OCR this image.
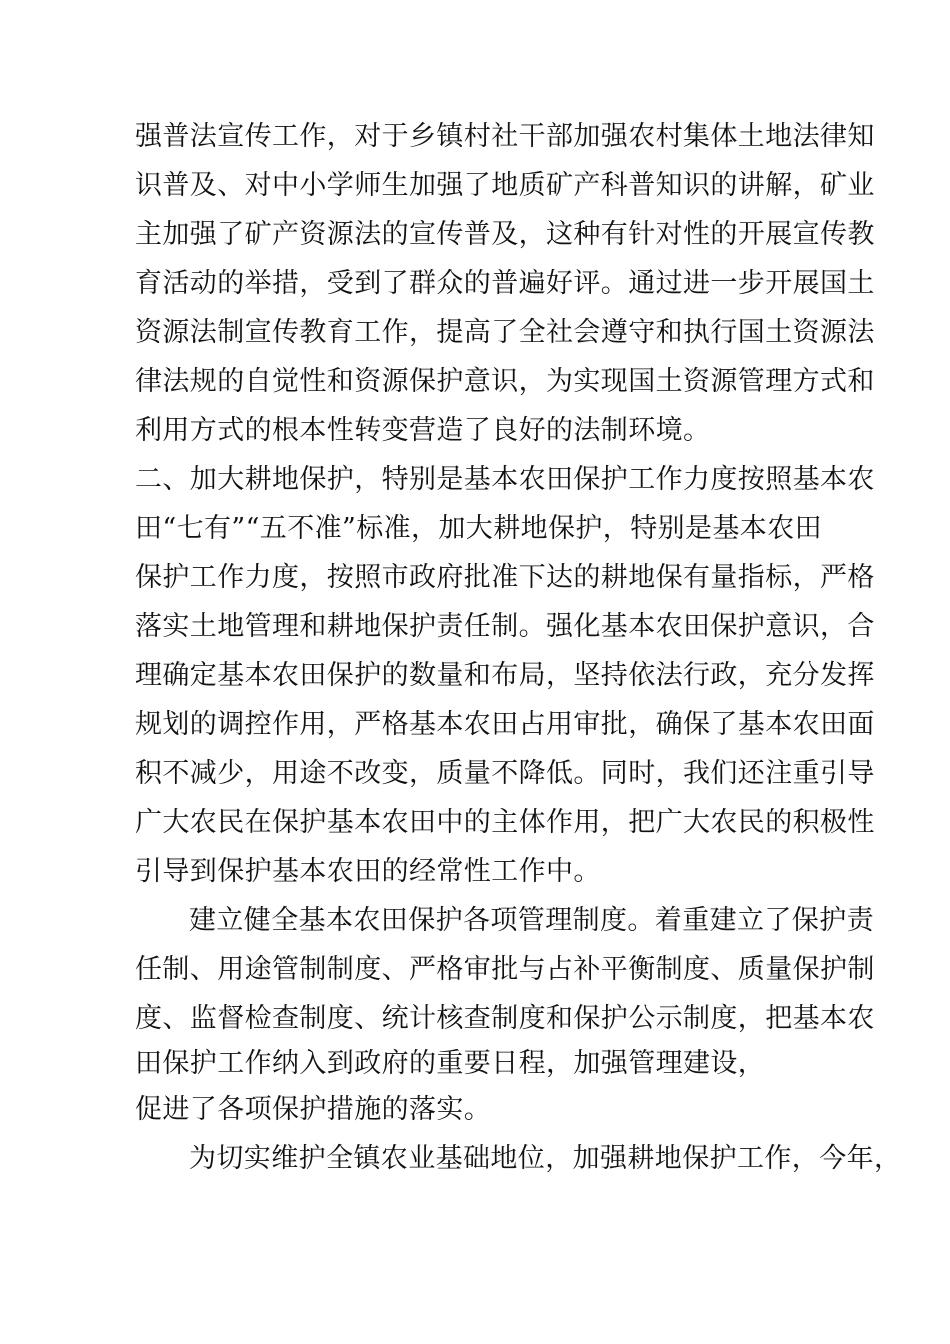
强普法宣传工作，对于乡镇村社干部加强农村集体土地法律知
识普及、对中小学师生加强了地质矿产科普知识的讲解，矿业
主加强了矿产资源法的宣传普及，这种有针对性的开展宣传教
育活动的举措，受到了群众的普遍好评。通过进一步开展国土
资源法制宣传教育工作，提高了全社会遵守和执行国土资源法
律法规的自觉性和资源保护意识，为实现国土资源管理方式和
利用方式的根本性转变营造了良好的法制环境。
二、加大耕地保护，特别是基本农田保护工作力度按照基本农
田“七有”“五不准”标准，加大耕地保护，特别是基本农田
保护工作力度，按照市政府批准下达的耕地保有量指标，严格
落实土地管理和耕地保护责任制。强化基本农田保护意识，合
理确定基本农田保护的数量和布局，坚持依法行政，充分发挥
规划的调控作用，严格基本农田占用审批，确保了基本农田面
积不减少，用途不改变，质量不降低。同时，我们还注重引导
广大农民在保护基本农田中的主体作用，把广大农民的积极性
引导到保护基本农田的经常性工作中。
建立健全基本农田保护各项管理制度。着重建立了保护责
任制、用途管制制度、严格审批与占补平衡制度、质量保护制
度、监督检查制度、统计核查制度和保护公示制度，把基本农
田保护工作纳入到政府的重要日程，加强管理建设，
促进了各项保护措施的落实。
为切实维护全镇农业基础地位，加强耕地保护工作，今年，
